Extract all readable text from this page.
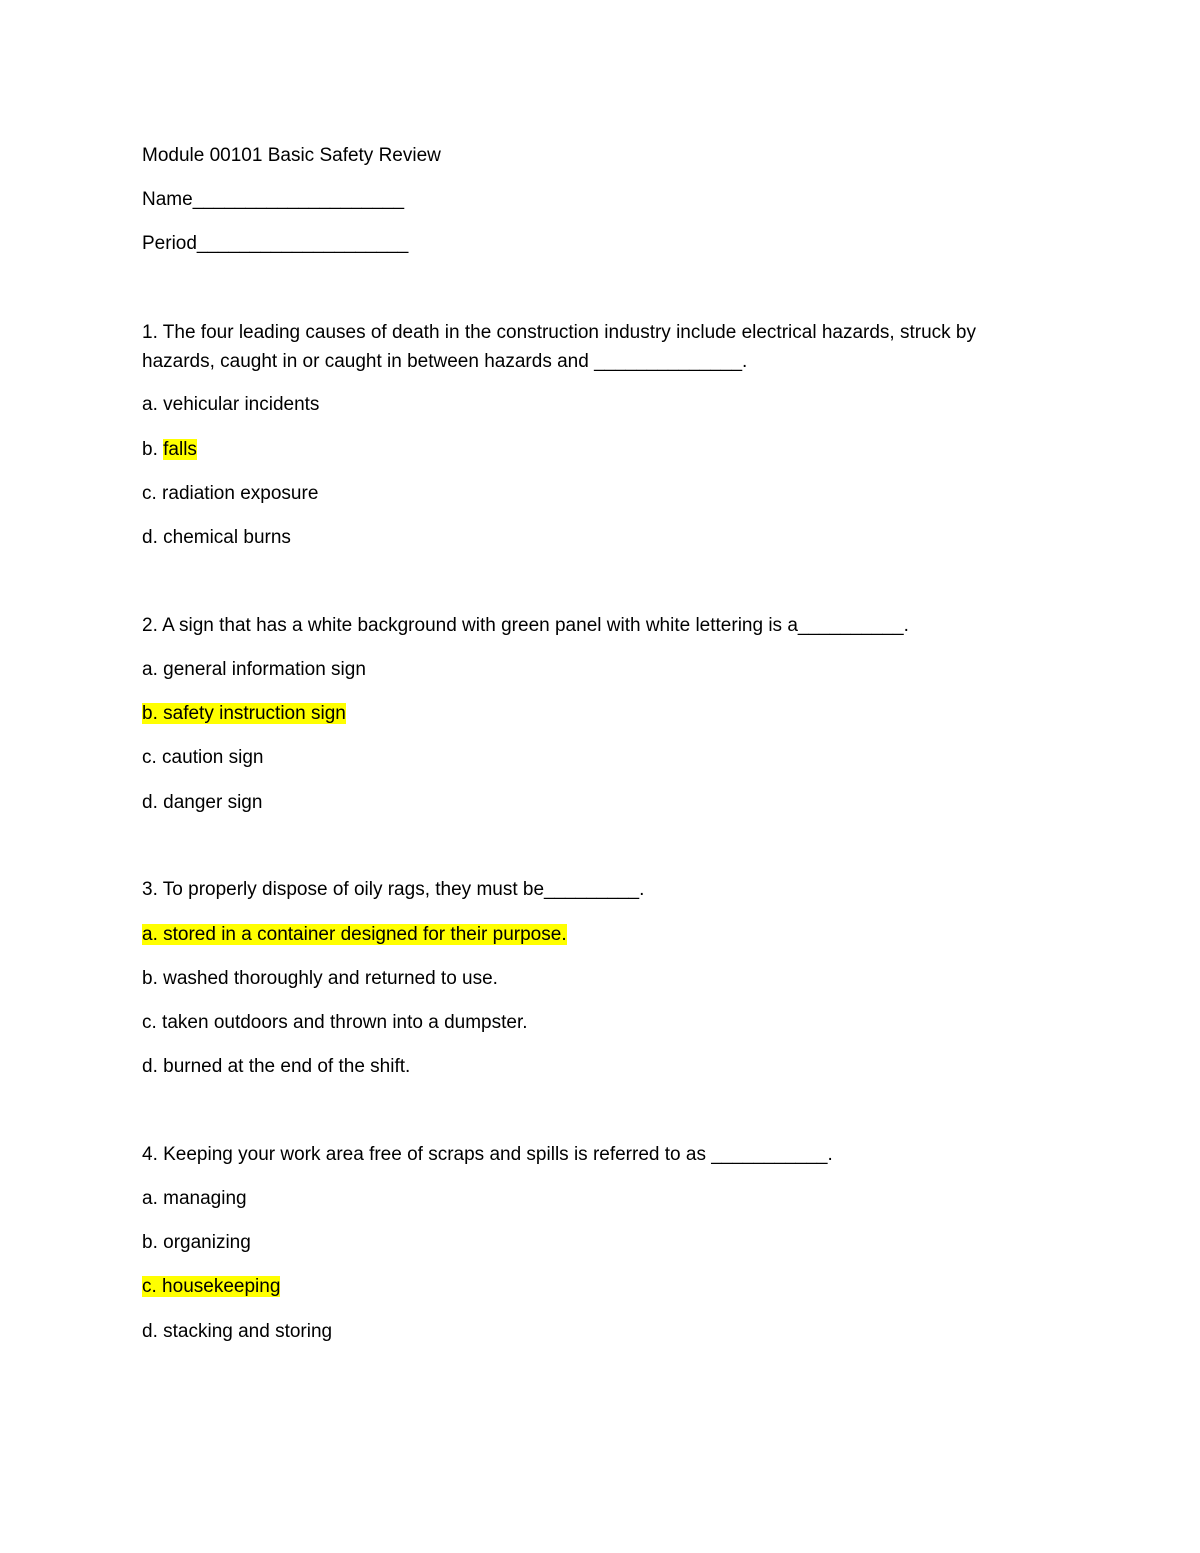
Module 00101 Basic Safety Review

Name____________________

Period____________________

1. The four leading causes of death in the construction industry include electrical hazards, struck by hazards, caught in or caught in between hazards and ______________.

a. vehicular incidents

b. falls

c. radiation exposure

d. chemical burns

2. A sign that has a white background with green panel with white lettering is a__________.

a. general information sign

b. safety instruction sign

c. caution sign

d. danger sign

3. To properly dispose of oily rags, they must be_________.

a. stored in a container designed for their purpose.

b. washed thoroughly and returned to use.

c. taken outdoors and thrown into a dumpster.

d. burned at the end of the shift.

4. Keeping your work area free of scraps and spills is referred to as ___________.

a. managing

b. organizing

c. housekeeping

d. stacking and storing
